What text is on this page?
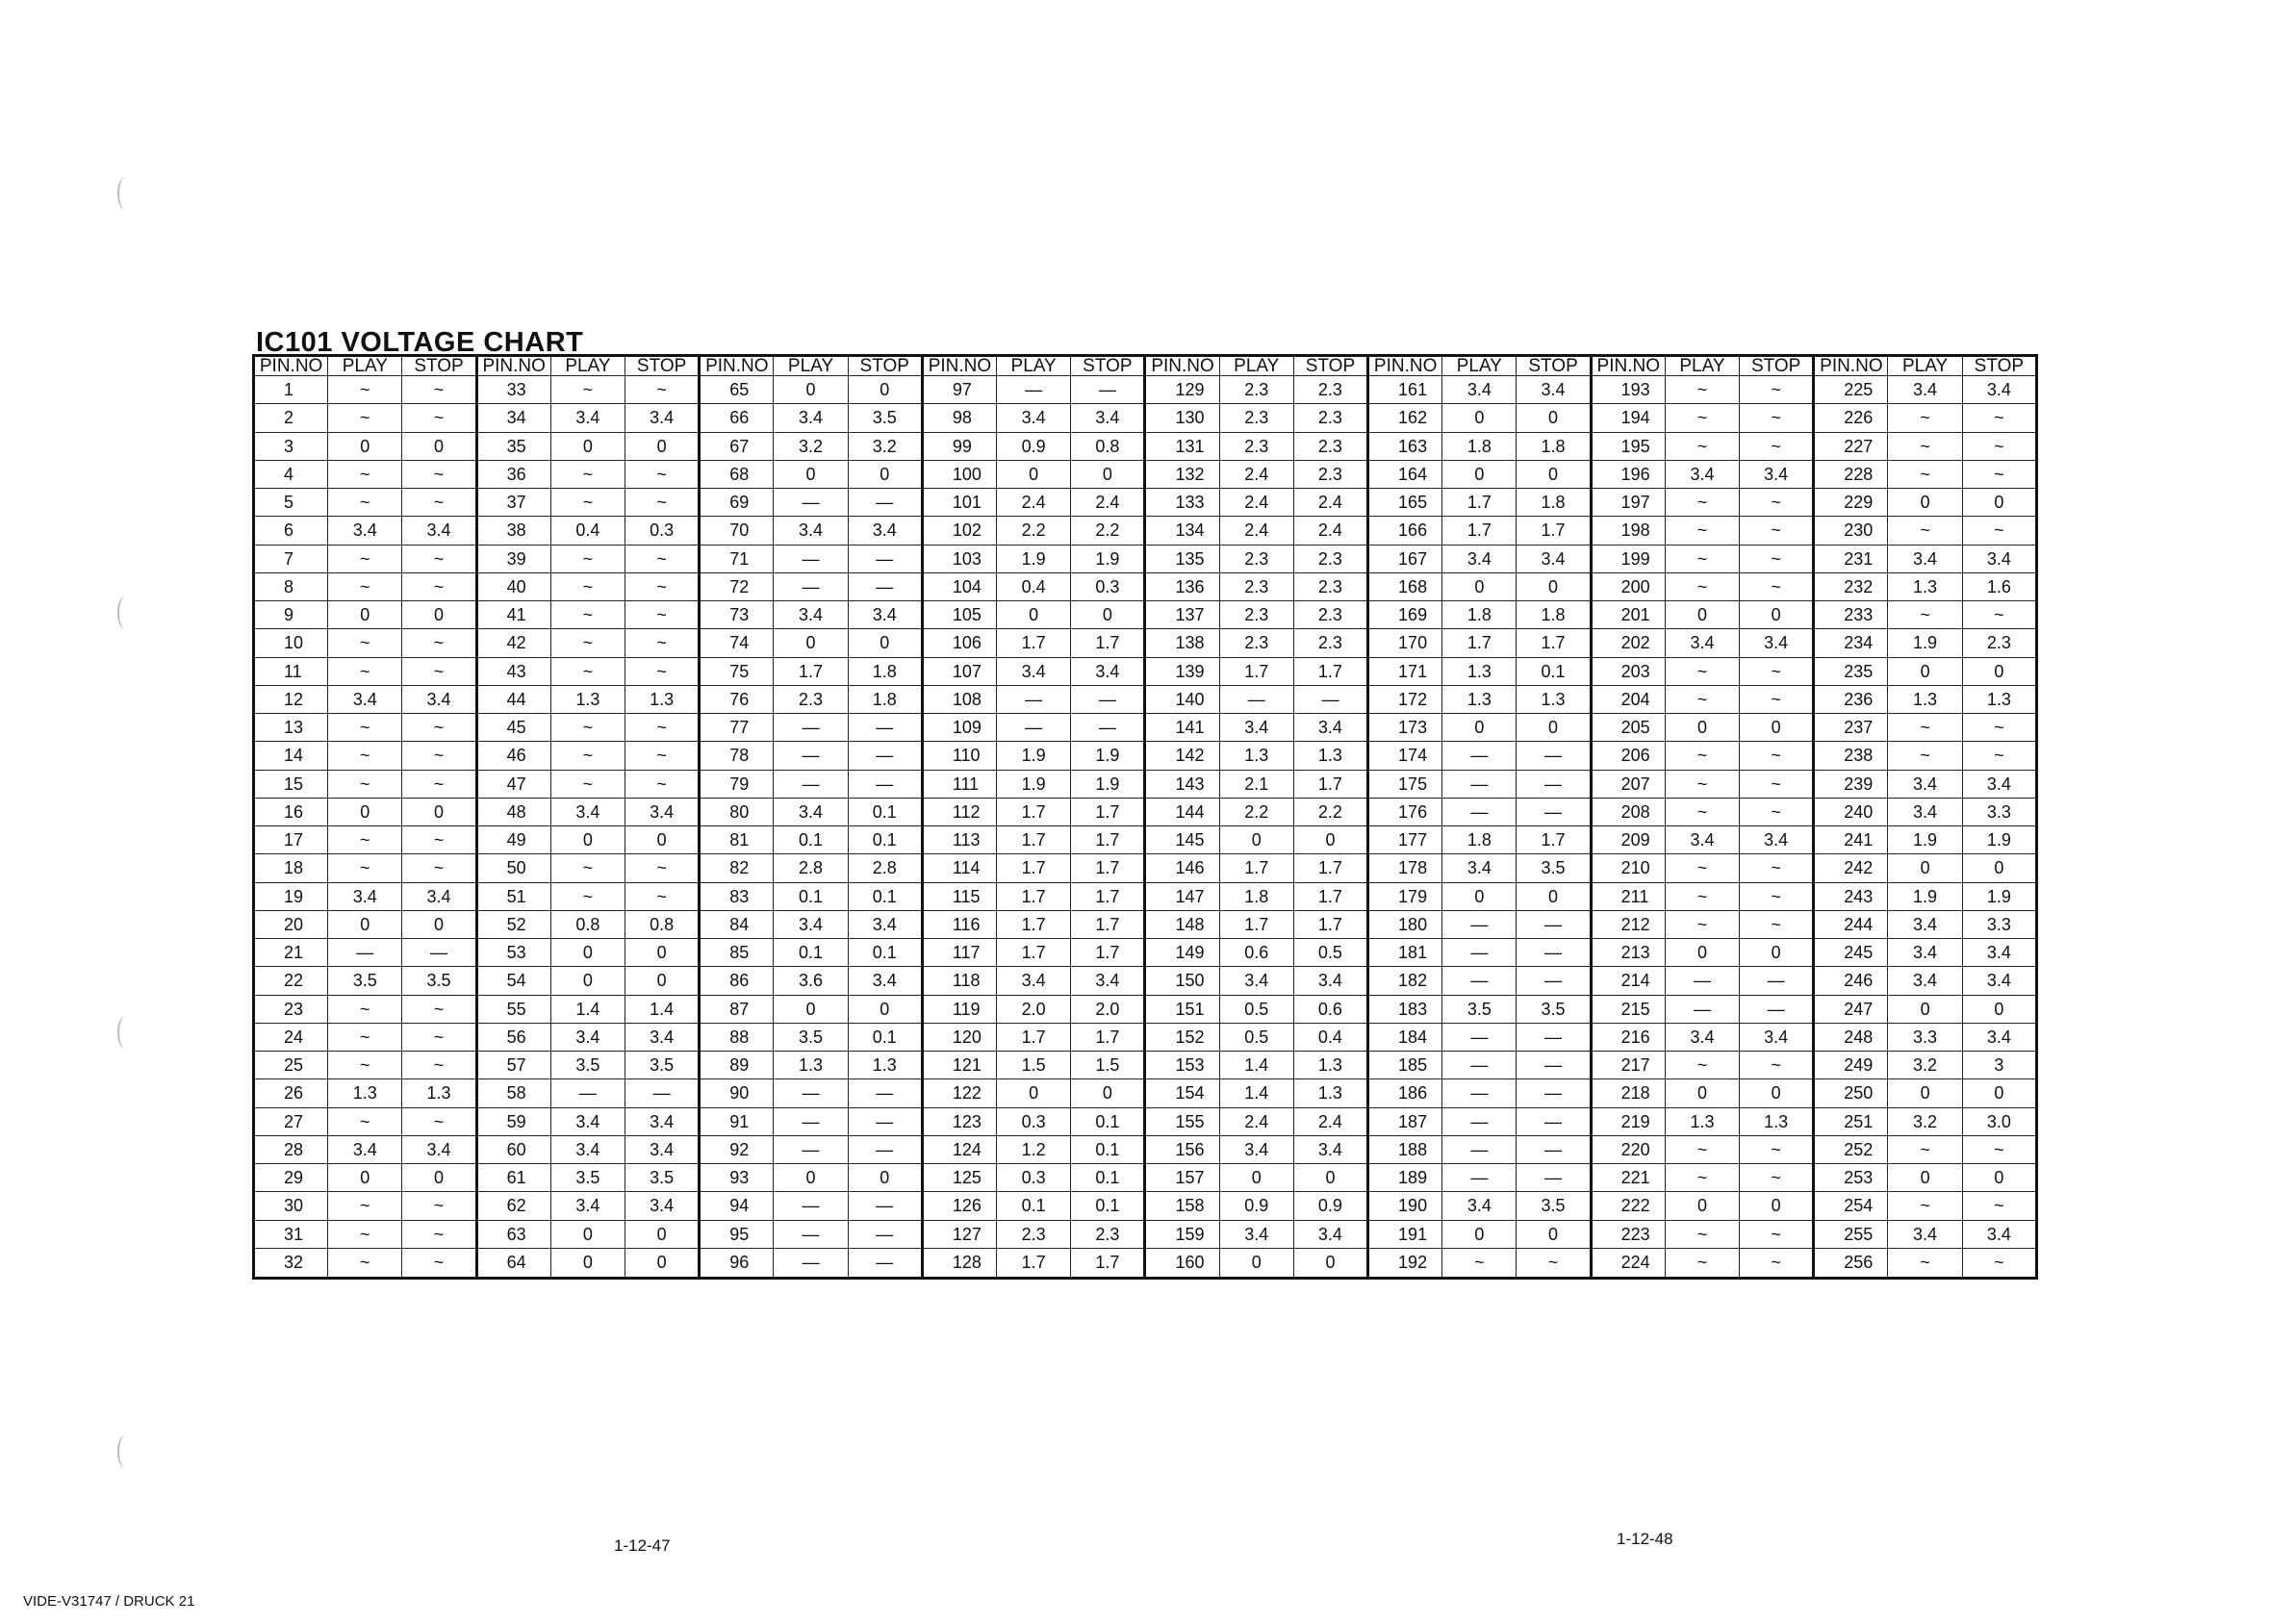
IC101 VOLTAGE CHART
PIN.NO	PLAY	STOP	PIN.NO	PLAY	STOP	PIN.NO	PLAY	STOP	PIN.NO	PLAY	STOP	PIN.NO	PLAY	STOP	PIN.NO	PLAY	STOP	PIN.NO	PLAY	STOP	PIN.NO	PLAY	STOP
1	~	~	33	~	~	65	0	0	97	—	—	129	2.3	2.3	161	3.4	3.4	193	~	~	225	3.4	3.4
2	~	~	34	3.4	3.4	66	3.4	3.5	98	3.4	3.4	130	2.3	2.3	162	0	0	194	~	~	226	~	~
3	0	0	35	0	0	67	3.2	3.2	99	0.9	0.8	131	2.3	2.3	163	1.8	1.8	195	~	~	227	~	~
4	~	~	36	~	~	68	0	0	100	0	0	132	2.4	2.3	164	0	0	196	3.4	3.4	228	~	~
5	~	~	37	~	~	69	—	—	101	2.4	2.4	133	2.4	2.4	165	1.7	1.8	197	~	~	229	0	0
6	3.4	3.4	38	0.4	0.3	70	3.4	3.4	102	2.2	2.2	134	2.4	2.4	166	1.7	1.7	198	~	~	230	~	~
7	~	~	39	~	~	71	—	—	103	1.9	1.9	135	2.3	2.3	167	3.4	3.4	199	~	~	231	3.4	3.4
8	~	~	40	~	~	72	—	—	104	0.4	0.3	136	2.3	2.3	168	0	0	200	~	~	232	1.3	1.6
9	0	0	41	~	~	73	3.4	3.4	105	0	0	137	2.3	2.3	169	1.8	1.8	201	0	0	233	~	~
10	~	~	42	~	~	74	0	0	106	1.7	1.7	138	2.3	2.3	170	1.7	1.7	202	3.4	3.4	234	1.9	2.3
11	~	~	43	~	~	75	1.7	1.8	107	3.4	3.4	139	1.7	1.7	171	1.3	0.1	203	~	~	235	0	0
12	3.4	3.4	44	1.3	1.3	76	2.3	1.8	108	—	—	140	—	—	172	1.3	1.3	204	~	~	236	1.3	1.3
13	~	~	45	~	~	77	—	—	109	—	—	141	3.4	3.4	173	0	0	205	0	0	237	~	~
14	~	~	46	~	~	78	—	—	110	1.9	1.9	142	1.3	1.3	174	—	—	206	~	~	238	~	~
15	~	~	47	~	~	79	—	—	111	1.9	1.9	143	2.1	1.7	175	—	—	207	~	~	239	3.4	3.4
16	0	0	48	3.4	3.4	80	3.4	0.1	112	1.7	1.7	144	2.2	2.2	176	—	—	208	~	~	240	3.4	3.3
17	~	~	49	0	0	81	0.1	0.1	113	1.7	1.7	145	0	0	177	1.8	1.7	209	3.4	3.4	241	1.9	1.9
18	~	~	50	~	~	82	2.8	2.8	114	1.7	1.7	146	1.7	1.7	178	3.4	3.5	210	~	~	242	0	0
19	3.4	3.4	51	~	~	83	0.1	0.1	115	1.7	1.7	147	1.8	1.7	179	0	0	211	~	~	243	1.9	1.9
20	0	0	52	0.8	0.8	84	3.4	3.4	116	1.7	1.7	148	1.7	1.7	180	—	—	212	~	~	244	3.4	3.3
21	—	—	53	0	0	85	0.1	0.1	117	1.7	1.7	149	0.6	0.5	181	—	—	213	0	0	245	3.4	3.4
22	3.5	3.5	54	0	0	86	3.6	3.4	118	3.4	3.4	150	3.4	3.4	182	—	—	214	—	—	246	3.4	3.4
23	~	~	55	1.4	1.4	87	0	0	119	2.0	2.0	151	0.5	0.6	183	3.5	3.5	215	—	—	247	0	0
24	~	~	56	3.4	3.4	88	3.5	0.1	120	1.7	1.7	152	0.5	0.4	184	—	—	216	3.4	3.4	248	3.3	3.4
25	~	~	57	3.5	3.5	89	1.3	1.3	121	1.5	1.5	153	1.4	1.3	185	—	—	217	~	~	249	3.2	3
26	1.3	1.3	58	—	—	90	—	—	122	0	0	154	1.4	1.3	186	—	—	218	0	0	250	0	0
27	~	~	59	3.4	3.4	91	—	—	123	0.3	0.1	155	2.4	2.4	187	—	—	219	1.3	1.3	251	3.2	3.0
28	3.4	3.4	60	3.4	3.4	92	—	—	124	1.2	0.1	156	3.4	3.4	188	—	—	220	~	~	252	~	~
29	0	0	61	3.5	3.5	93	0	0	125	0.3	0.1	157	0	0	189	—	—	221	~	~	253	0	0
30	~	~	62	3.4	3.4	94	—	—	126	0.1	0.1	158	0.9	0.9	190	3.4	3.5	222	0	0	254	~	~
31	~	~	63	0	0	95	—	—	127	2.3	2.3	159	3.4	3.4	191	0	0	223	~	~	255	3.4	3.4
32	~	~	64	0	0	96	—	—	128	1.7	1.7	160	0	0	192	~	~	224	~	~	256	~	~
1-12-47	1-12-48
VIDE-V31747 / DRUCK 21
